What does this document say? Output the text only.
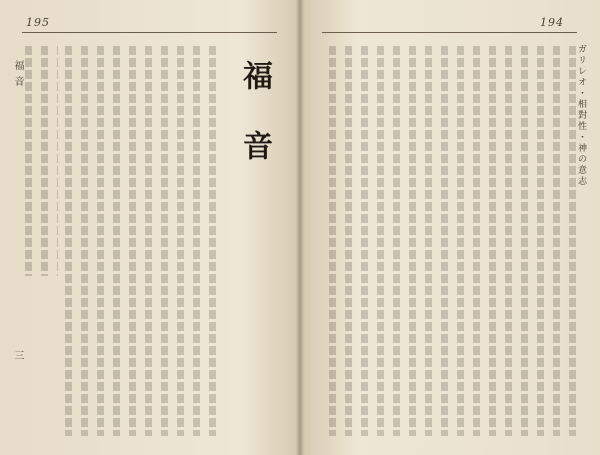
195
福音
三
福音
194
ガリレオ・相對性・神の意志
